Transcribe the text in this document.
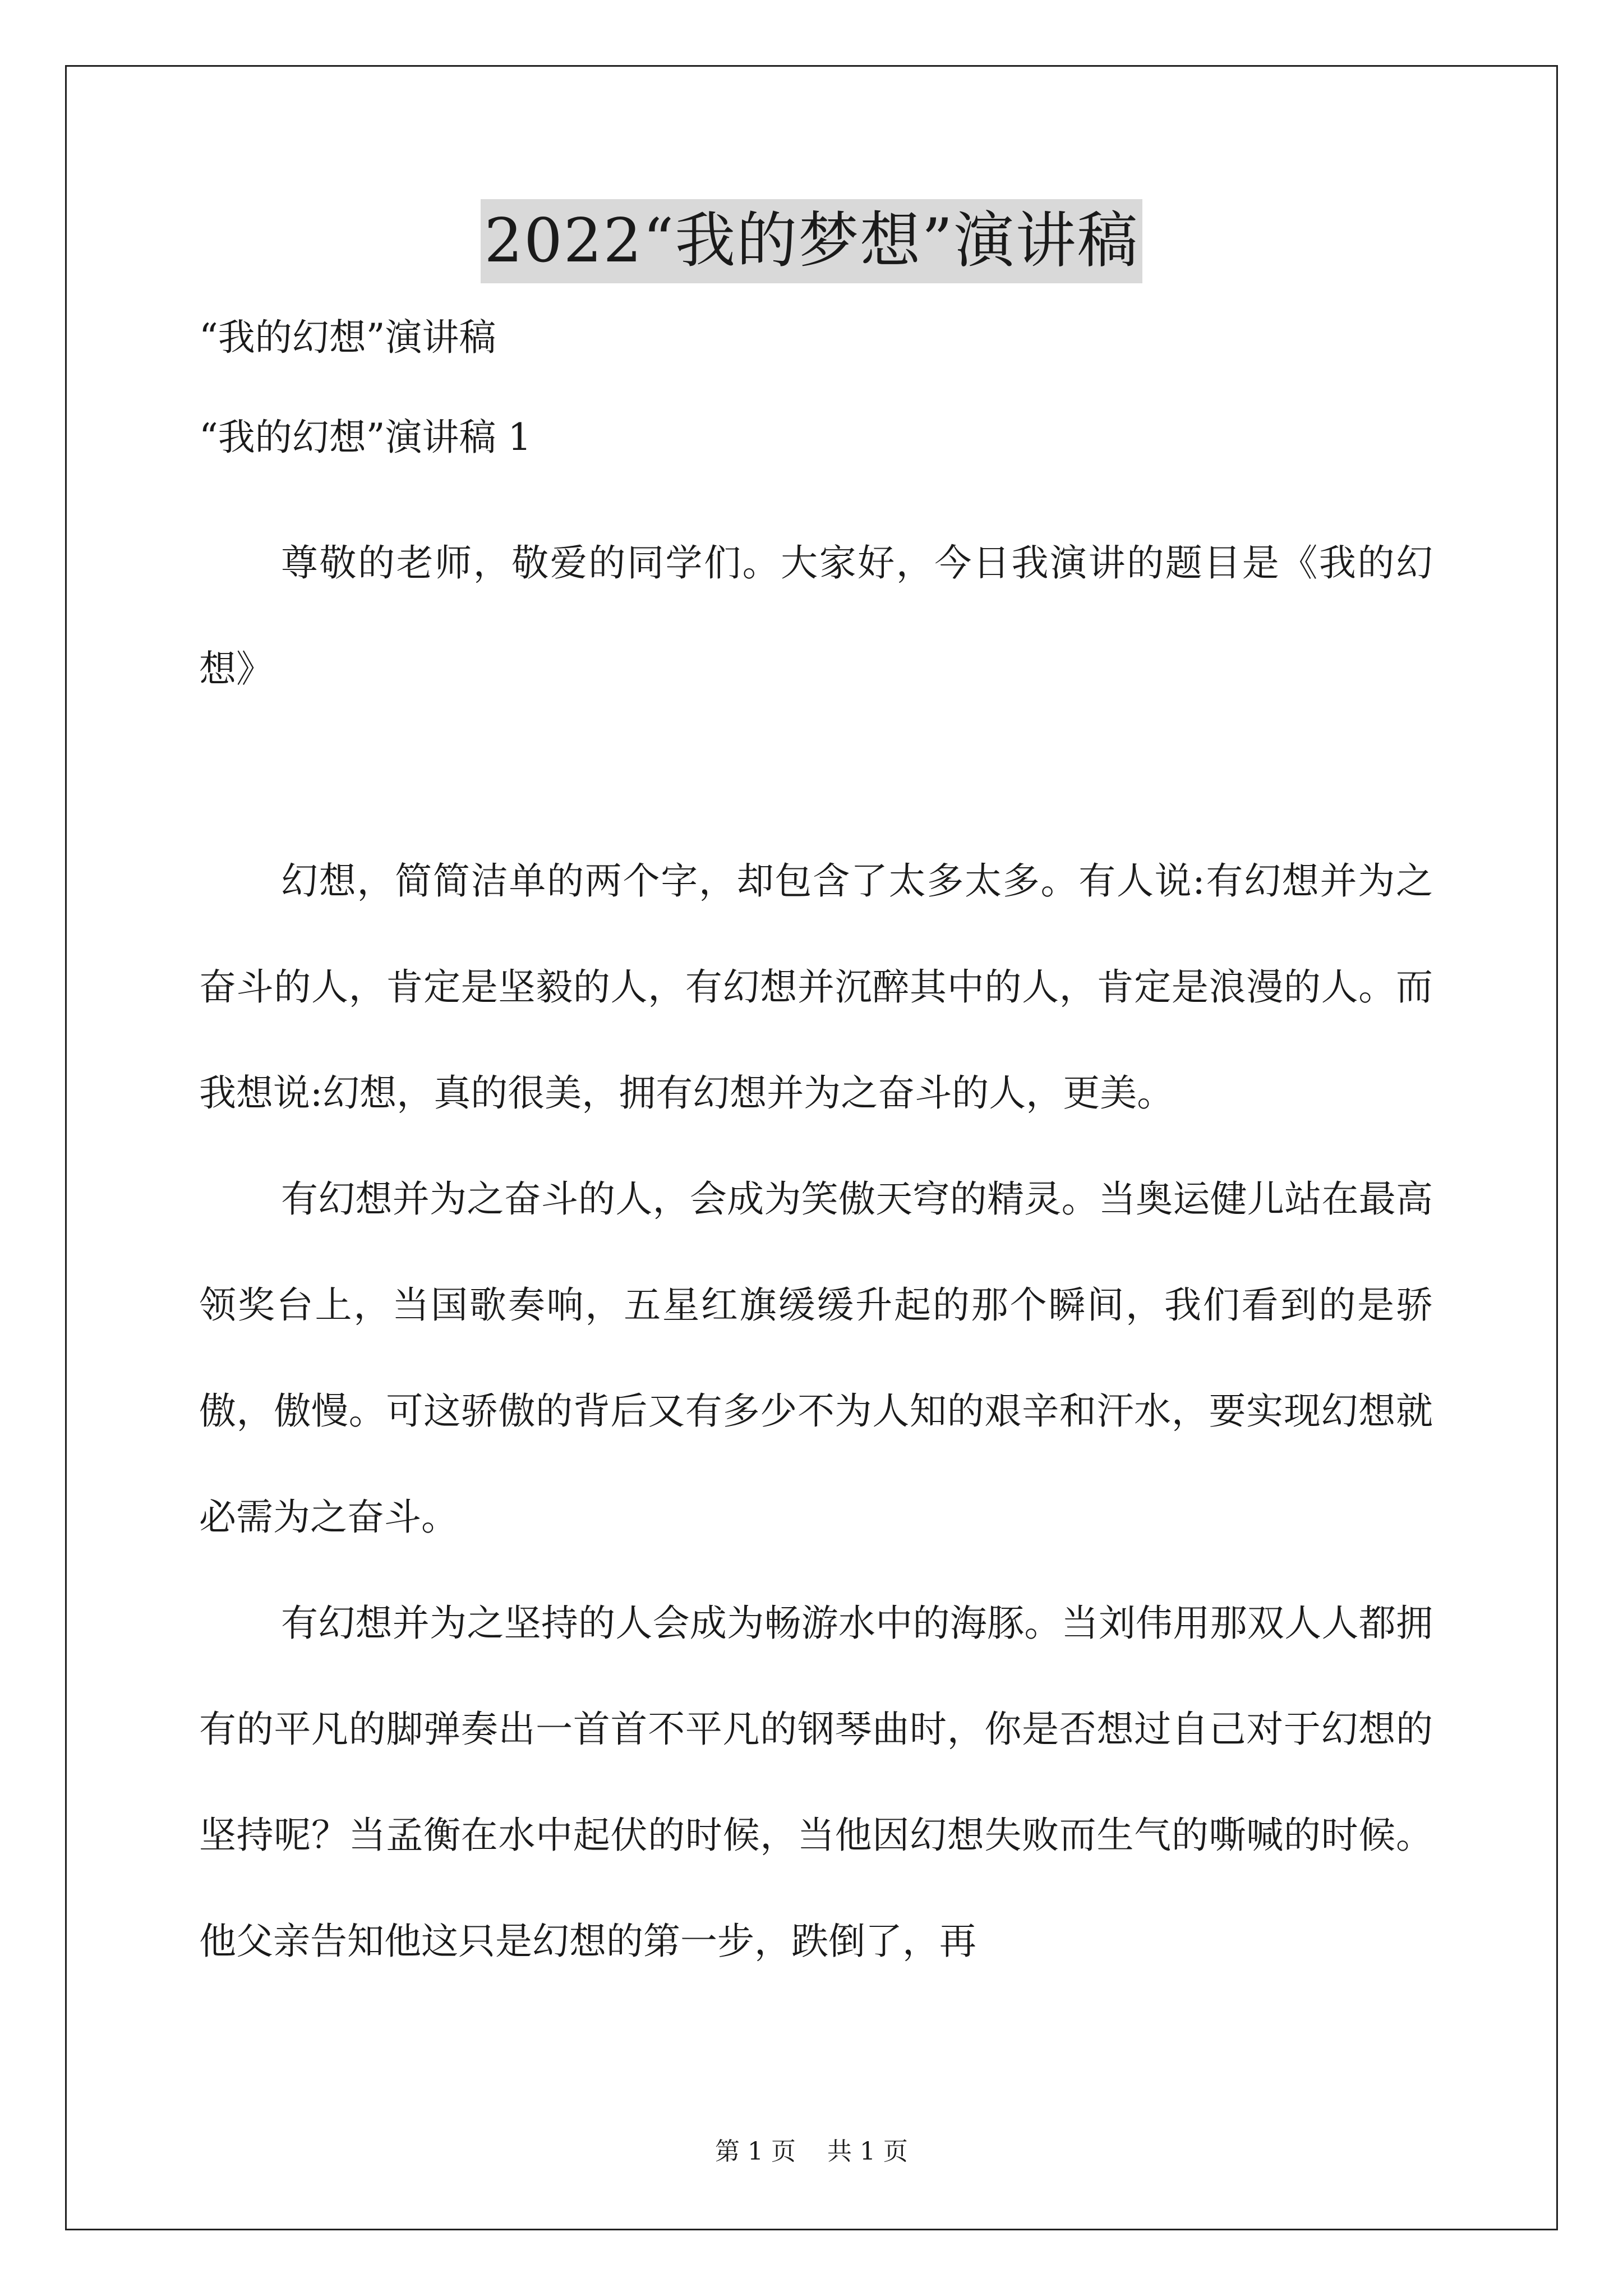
2022“我的梦想”演讲稿
“我的幻想”演讲稿
“我的幻想”演讲稿 1

尊敬的老师，敬爱的同学们。大家好，今日我演讲的题目是《我的幻想》

幻想，简简洁单的两个字，却包含了太多太多。有人说:有幻想并为之奋斗的人，肯定是坚毅的人，有幻想并沉醉其中的人，肯定是浪漫的人。而我想说:幻想，真的很美，拥有幻想并为之奋斗的人，更美。

有幻想并为之奋斗的人，会成为笑傲天穹的精灵。当奥运健儿站在最高领奖台上，当国歌奏响，五星红旗缓缓升起的那个瞬间，我们看到的是骄傲，傲慢。可这骄傲的背后又有多少不为人知的艰辛和汗水，要实现幻想就必需为之奋斗。

有幻想并为之坚持的人会成为畅游水中的海豚。当刘伟用那双人人都拥有的平凡的脚弹奏出一首首不平凡的钢琴曲时，你是否想过自己对于幻想的坚持呢？当孟衡在水中起伏的时候，当他因幻想失败而生气的嘶喊的时候。他父亲告知他这只是幻想的第一步，跌倒了，再

第 1 页    共 1 页
